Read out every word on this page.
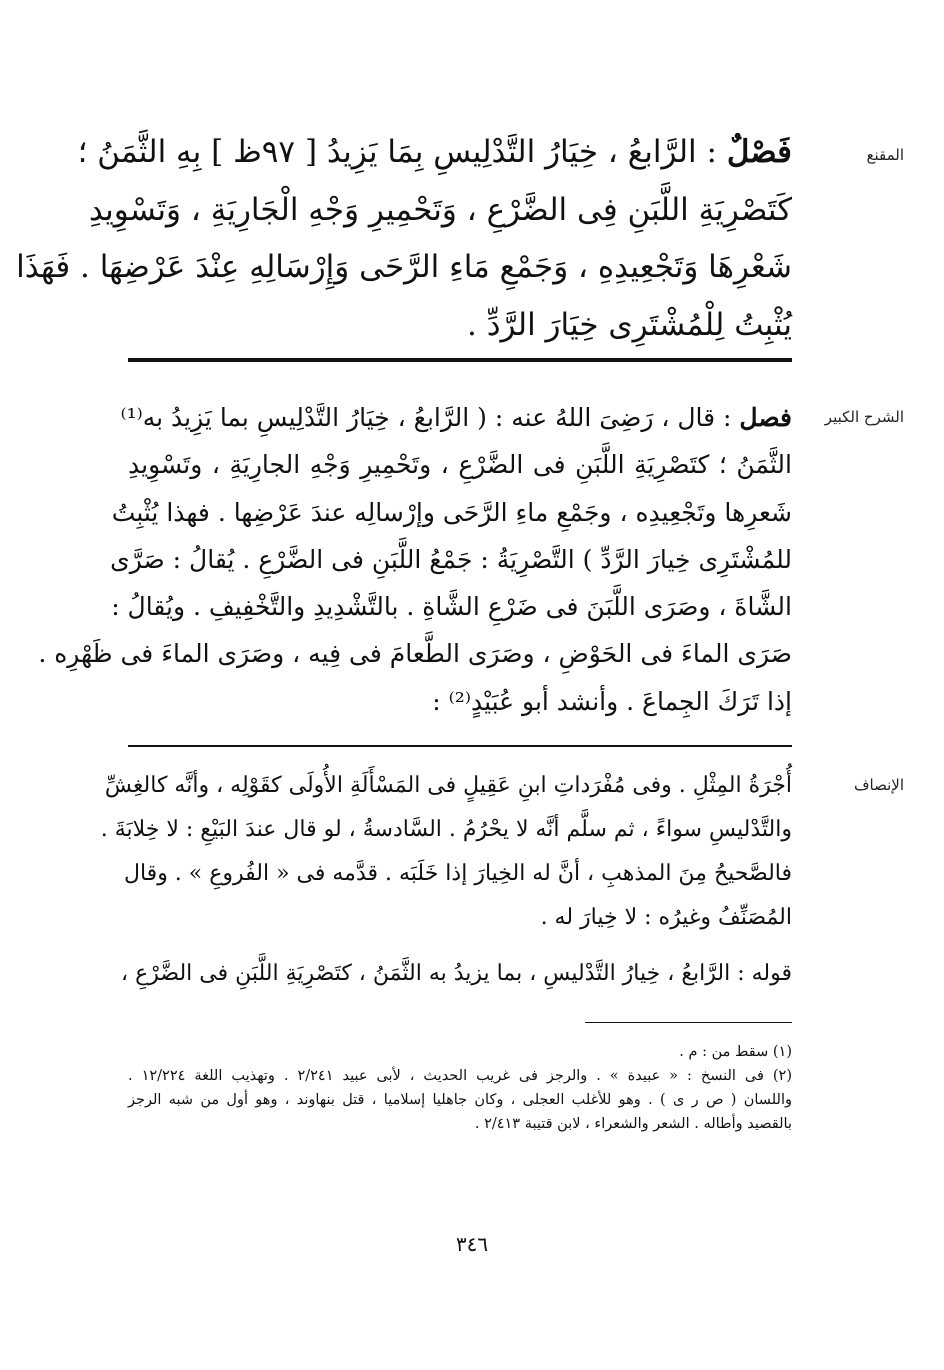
المقنع
الشرح الكبير
الإنصاف
فَصْلٌ : الرَّابعُ ، خِيَارُ التَّدْلِيسِ بِمَا يَزِيدُ [ ٩٧ظ ] بِهِ الثَّمَنُ ؛
كَتَصْرِيَةِ اللَّبَنِ فِى الضَّرْعِ ، وَتَحْمِيرِ وَجْهِ الْجَارِيَةِ ، وَتَسْوِيدِ
شَعْرِهَا وَتَجْعِيدِهِ ، وَجَمْعِ مَاءِ الرَّحَى وَإِرْسَالِهِ عِنْدَ عَرْضِهَا . فَهَذَا
يُثْبِتُ لِلْمُشْتَرِى خِيَارَ الرَّدِّ .
فصل : قال ، رَضِىَ اللهُ عنه : ( الرَّابعُ ، خِيَارُ التَّدْلِيسِ بما يَزِيدُ به⁽¹⁾
الثَّمَنُ ؛ كتَصْرِيَةِ اللَّبَنِ فى الضَّرْعِ ، وتَحْمِيرِ وَجْهِ الجارِيَةِ ، وتَسْوِيدِ
شَعرِها وتَجْعِيدِه ، وجَمْعِ ماءِ الرَّحَى وإرْسالِه عندَ عَرْضِها . فهذا يُثْبِتُ
للمُشْتَرِى خِيارَ الرَّدِّ ) التَّصْرِيَةُ : جَمْعُ اللَّبَنِ فى الضَّرْعِ . يُقالُ : صَرَّى
الشَّاةَ ، وصَرَى اللَّبَنَ فى ضَرْعِ الشَّاةِ . بالتَّشْدِيدِ والتَّخْفِيفِ . ويُقالُ :
صَرَى الماءَ فى الحَوْضِ ، وصَرَى الطَّعامَ فى فِيه ، وصَرَى الماءَ فى ظَهْرِه .
إذا تَرَكَ الجِماعَ . وأنشد أبو عُبَيْدٍ⁽²⁾ :
أُجْرَةُ المِثْلِ . وفى مُفْرَداتِ ابنِ عَقِيلٍ فى المَسْأَلَةِ الأُولَى كقَوْلِه ، وأنَّه كالغِشِّ
والتَّدْليسِ سواءً ، ثم سلَّم أنَّه لا يحْرُمُ . السَّادسةُ ، لو قال عندَ البَيْعِ : لا خِلابَةَ .
فالصَّحيحُ مِنَ المذهبِ ، أنَّ له الخِيارَ إذا خَلَبَه . قدَّمه فى « الفُروعِ » . وقال
المُصَنِّفُ وغيرُه : لا خِيارَ له .
قوله : الرَّابعُ ، خِيارُ التَّدْليسِ ، بما يزيدُ به الثَّمَنُ ، كتَصْرِيَةِ اللَّبَنِ فى الضَّرْعِ ،
(١) سقط من : م .
(٢) فى النسخ : « عبيدة » . والرجز فى غريب الحديث ، لأبى عبيد ٢/٢٤١ . وتهذيب اللغة ١٢/٢٢٤ .
واللسان ( ص ر ى ) . وهو للأغلب العجلى ، وكان جاهليا إسلاميا ، قتل بنهاوند ، وهو أول من شبه الرجز
بالقصيد وأطاله . الشعر والشعراء ، لابن قتيبة ٢/٤١٣ .
٣٤٦
